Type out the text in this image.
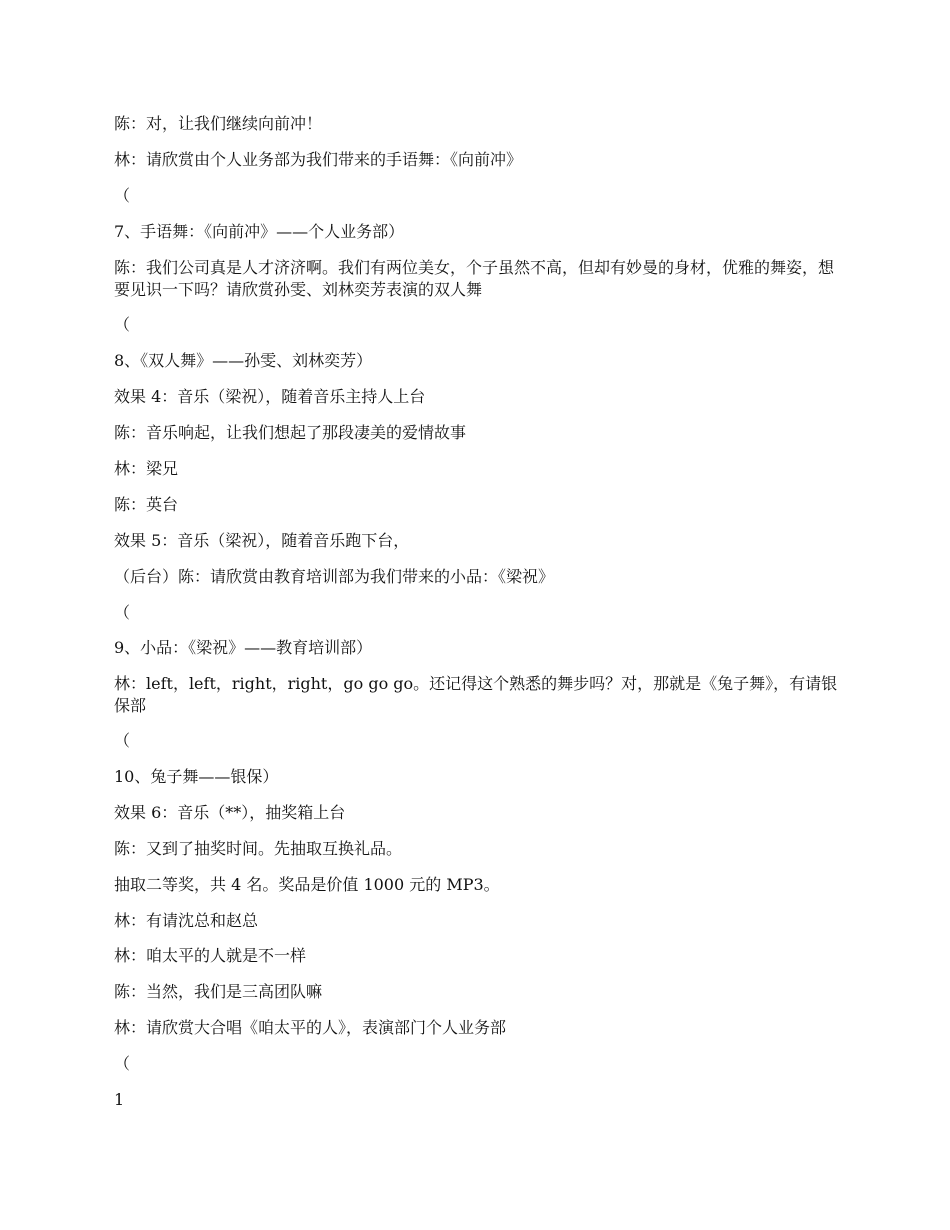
陈：对，让我们继续向前冲！
林：请欣赏由个人业务部为我们带来的手语舞：《向前冲》
（
7、手语舞：《向前冲》——个人业务部）
陈：我们公司真是人才济济啊。我们有两位美女，个子虽然不高，但却有妙曼的身材，优雅的舞姿，想要见识一下吗？请欣赏孙雯、刘林奕芳表演的双人舞
（
8、《双人舞》——孙雯、刘林奕芳）
效果 4：音乐（梁祝），随着音乐主持人上台
陈：音乐响起，让我们想起了那段凄美的爱情故事
林：梁兄
陈：英台
效果 5：音乐（梁祝），随着音乐跑下台，
（后台）陈：请欣赏由教育培训部为我们带来的小品：《梁祝》
（
9、小品：《梁祝》——教育培训部）
林：left，left，right，right，go go go。还记得这个熟悉的舞步吗？对，那就是《兔子舞》，有请银保部
（
10、兔子舞——银保）
效果 6：音乐（**），抽奖箱上台
陈：又到了抽奖时间。先抽取互换礼品。
抽取二等奖，共 4 名。奖品是价值 1000 元的 MP3。
林：有请沈总和赵总
林：咱太平的人就是不一样
陈：当然，我们是三高团队嘛
林：请欣赏大合唱《咱太平的人》，表演部门个人业务部
（
1
